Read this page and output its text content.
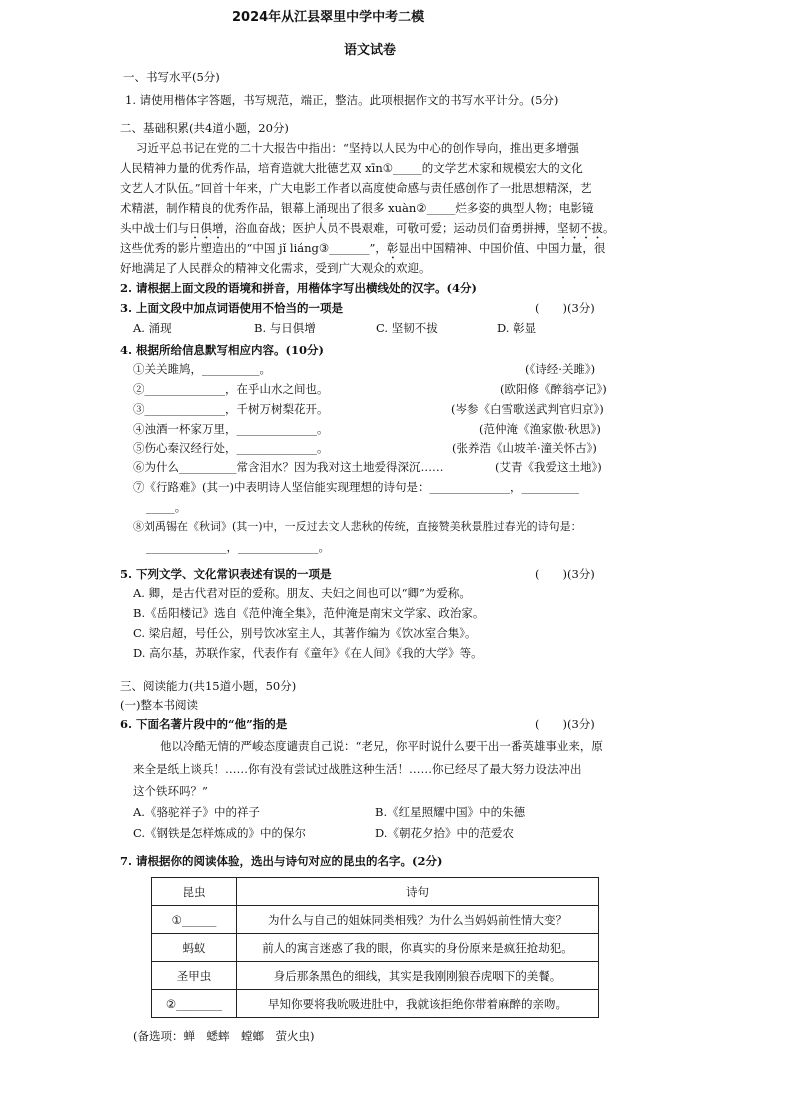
2024年从江县翠里中学中考二模
语文试卷
一、书写水平(5分)
1. 请使用楷体字答题，书写规范，端正，整洁。此项根据作文的书写水平计分。(5分)
二、基础积累(共4道小题，20分)
习近平总书记在党的二十大报告中指出：“坚持以人民为中心的创作导向，推出更多增强
人民精神力量的优秀作品，培育造就大批德艺双 xīn①_____的文学艺术家和规模宏大的文化
文艺人才队伍。”回首十年来，广大电影工作者以高度使命感与责任感创作了一批思想精深，艺
术精湛，制作精良的优秀作品，银幕上涌现出了很多 xuàn②_____烂多姿的典型人物；电影镜
头中战士们与日俱增，浴血奋战；医护人员不畏艰难，可敬可爱；运动员们奋勇拼搏，坚韧不拔。
这些优秀的影片塑造出的“中国 jǐ liáng③_______”，彰显出中国精神、中国价值、中国力量，很
好地满足了人民群众的精神文化需求，受到广大观众的欢迎。
2. 请根据上面文段的语境和拼音，用楷体字写出横线处的汉字。(4分)
3. 上面文段中加点词语使用不恰当的一项是	(　　)(3分)
A. 涌现	B. 与日俱增	C. 坚韧不拔	D. 彰显
4. 根据所给信息默写相应内容。(10分)
①关关雎鸠，__________。	(《诗经·关雎》)
②______________，在乎山水之间也。	(欧阳修《醉翁亭记》)
③______________，千树万树梨花开。	(岑参《白雪歌送武判官归京》)
④浊酒一杯家万里，______________。	(范仲淹《渔家傲·秋思》)
⑤伤心秦汉经行处，______________。	(张养浩《山坡羊·潼关怀古》)
⑥为什么__________常含泪水？因为我对这土地爱得深沉……	(艾青《我爱这土地》)
⑦《行路难》(其一)中表明诗人坚信能实现理想的诗句是：______________，__________
_____。
⑧刘禹锡在《秋词》(其一)中，一反过去文人悲秋的传统，直接赞美秋景胜过春光的诗句是：
______________，______________。
5. 下列文学、文化常识表述有误的一项是	(　　)(3分)
A. 卿，是古代君对臣的爱称。朋友、夫妇之间也可以“卿”为爱称。
B.《岳阳楼记》选自《范仲淹全集》，范仲淹是南宋文学家、政治家。
C. 梁启超，号任公，别号饮冰室主人，其著作编为《饮冰室合集》。
D. 高尔基，苏联作家，代表作有《童年》《在人间》《我的大学》等。
三、阅读能力(共15道小题，50分)
(一)整本书阅读
6. 下面名著片段中的“他”指的是	(　　)(3分)
他以冷酷无情的严峻态度谴责自己说：“老兄，你平时说什么要干出一番英雄事业来，原
来全是纸上谈兵！……你有没有尝试过战胜这种生活！……你已经尽了最大努力设法冲出
这个铁环吗？”
A.《骆驼祥子》中的祥子	B.《红星照耀中国》中的朱德
C.《钢铁是怎样炼成的》中的保尔	D.《朝花夕拾》中的范爱农
7. 请根据你的阅读体验，选出与诗句对应的昆虫的名字。(2分)
昆虫	诗句
①______	为什么与自己的姐妹同类相残？为什么当妈妈前性情大变？
蚂蚁	前人的寓言迷惑了我的眼，你真实的身份原来是疯狂抢劫犯。
圣甲虫	身后那条黑色的细线，其实是我刚刚狼吞虎咽下的美餐。
②________	早知你要将我吮吸进肚中，我就该拒绝你带着麻醉的亲吻。
(备选项：蝉　蟋蟀　螳螂　萤火虫)
